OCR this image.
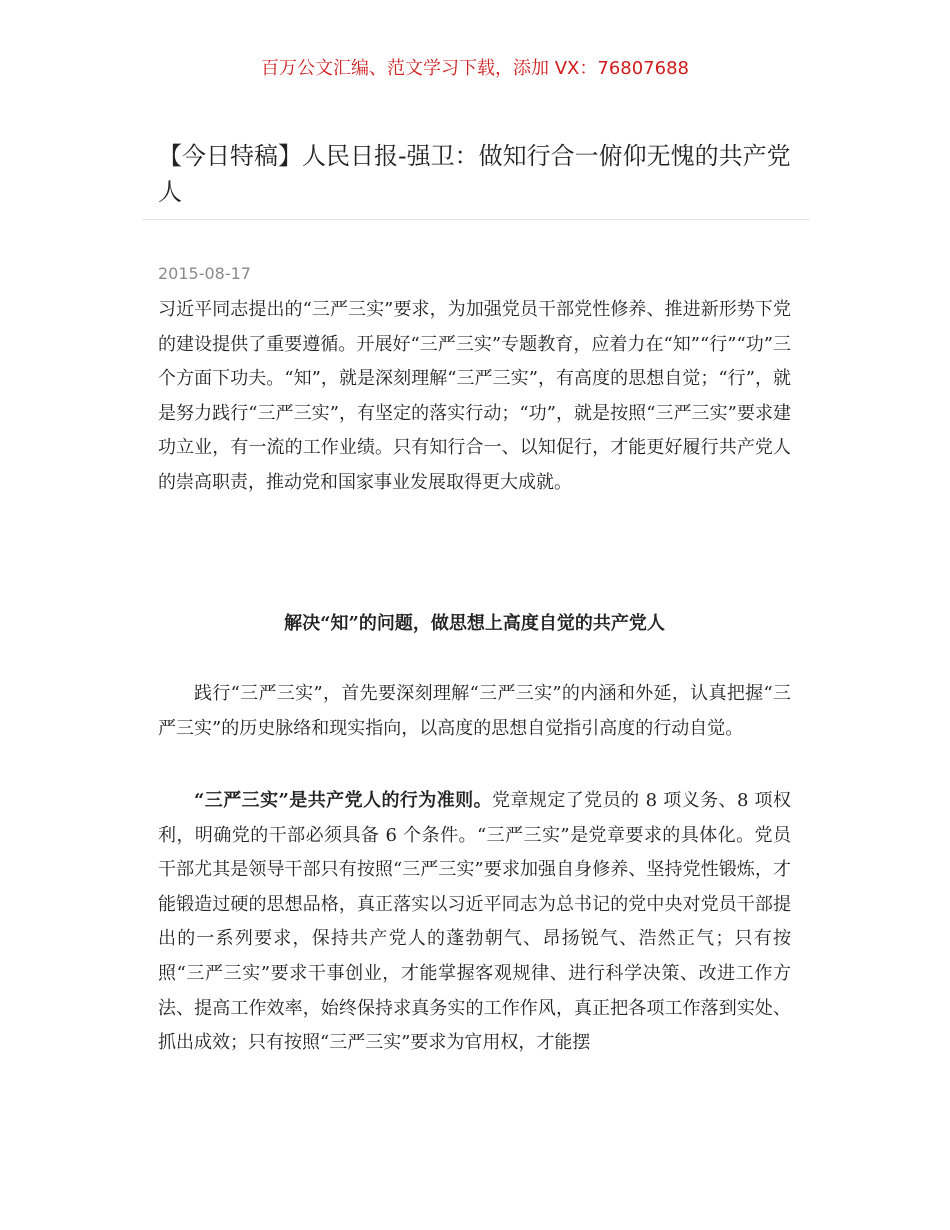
百万公文汇编、范文学习下载，添加 VX：76807688
【今日特稿】人民日报-强卫：做知行合一俯仰无愧的共产党人
2015-08-17

习近平同志提出的“三严三实”要求，为加强党员干部党性修养、推进新形势下党的建设提供了重要遵循。开展好“三严三实”专题教育，应着力在“知”“行”“功”三个方面下功夫。“知”，就是深刻理解“三严三实”，有高度的思想自觉；“行”，就是努力践行“三严三实”，有坚定的落实行动；“功”，就是按照“三严三实”要求建功立业，有一流的工作业绩。只有知行合一、以知促行，才能更好履行共产党人的崇高职责，推动党和国家事业发展取得更大成就。

解决“知”的问题，做思想上高度自觉的共产党人

践行“三严三实”，首先要深刻理解“三严三实”的内涵和外延，认真把握“三严三实”的历史脉络和现实指向，以高度的思想自觉指引高度的行动自觉。

“三严三实”是共产党人的行为准则。党章规定了党员的 8 项义务、8 项权利，明确党的干部必须具备 6 个条件。“三严三实”是党章要求的具体化。党员干部尤其是领导干部只有按照“三严三实”要求加强自身修养、坚持党性锻炼，才能锻造过硬的思想品格，真正落实以习近平同志为总书记的党中央对党员干部提出的一系列要求，保持共产党人的蓬勃朝气、昂扬锐气、浩然正气；只有按照“三严三实”要求干事创业，才能掌握客观规律、进行科学决策、改进工作方法、提高工作效率，始终保持求真务实的工作作风，真正把各项工作落到实处、抓出成效；只有按照“三严三实”要求为官用权，才能摆
